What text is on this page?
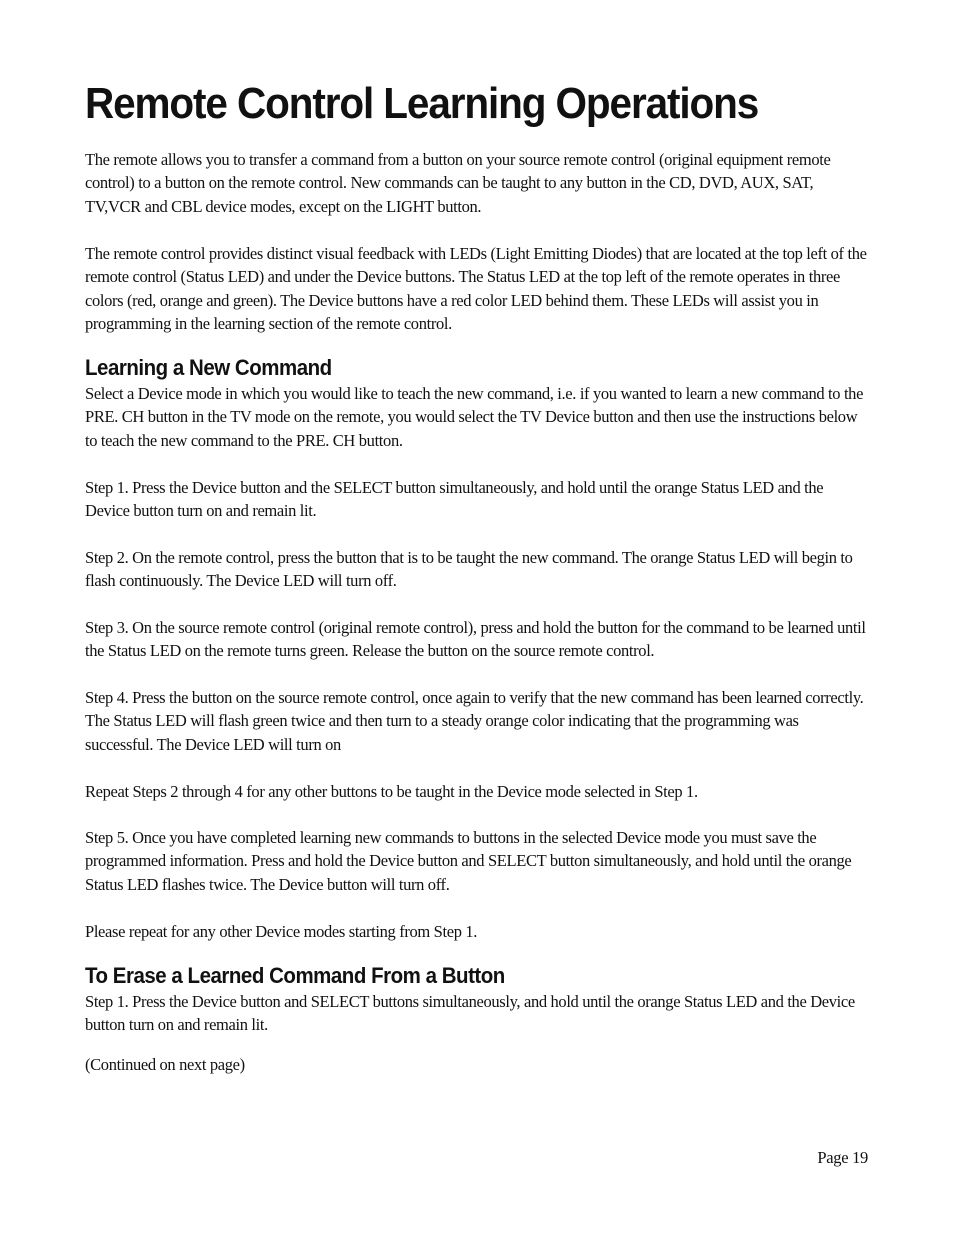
Remote Control Learning Operations

The remote allows you to transfer a command from a button on your source remote control (original equipment remote control) to a button on the remote control. New commands can be taught to any button in the CD, DVD, AUX, SAT, TV,VCR and CBL device modes, except on the LIGHT button.

The remote control provides distinct visual feedback with LEDs (Light Emitting Diodes) that are located at the top left of the remote control (Status LED) and under the Device buttons. The Status LED at the top left of the remote operates in three colors (red, orange and green). The Device buttons have a red color LED behind them. These LEDs will assist you in programming in the learning section of the remote control.

Learning a New Command

Select a Device mode in which you would like to teach the new command, i.e. if you wanted to learn a new command to the PRE. CH button in the TV mode on the remote, you would select the TV Device button and then use the instructions below to teach the new command to the PRE. CH button.

Step 1. Press the Device button and the SELECT button simultaneously, and hold until the orange Status LED and the Device button turn on and remain lit.

Step 2. On the remote control, press the button that is to be taught the new command. The orange Status LED will begin to flash continuously. The Device LED will turn off.

Step 3. On the source remote control (original remote control), press and hold the button for the command to be learned until the Status LED on the remote turns green. Release the button on the source remote control.

Step 4. Press the button on the source remote control, once again to verify that the new command has been learned correctly. The Status LED will flash green twice and then turn to a steady orange color indicating that the programming was successful. The Device LED will turn on

Repeat Steps 2 through 4 for any other buttons to be taught in the Device mode selected in Step 1.

Step 5. Once you have completed learning new commands to buttons in the selected Device mode you must save the programmed information. Press and hold the Device button and SELECT button simultaneously, and hold until the orange Status LED flashes twice. The Device button will turn off.

Please repeat for any other Device modes starting from Step 1.

To Erase a Learned Command From a Button

Step 1. Press the Device button and SELECT buttons simultaneously, and hold until the orange Status LED and the Device button turn on and remain lit.

(Continued on next page)

Page 19
